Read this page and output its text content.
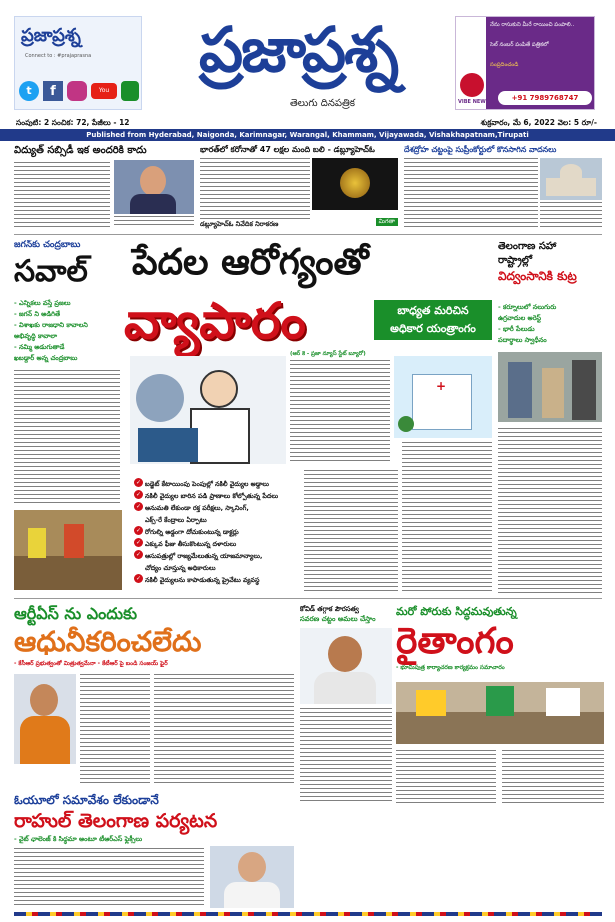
ప్రజాప్రశ్న
Connect to : #prajaprasna
t	f	You
ప్రజాప్రశ్న
తెలుగు దినపత్రిక
నేను రాసుకుని మీరే రాయించి పంపాలి..
సెల్ నంబర్ పంపితే పత్రికలో
సంప్రదించండి
VIBE NEWS	+91 7989768747
సంపుటి: 2 సంచిక: 72, పేజీలు - 12	శుక్రవారం, మే 6, 2022 వెల: 5 రూ/-
Published from Hyderabad, Naigonda, Karimnagar, Warangal, Khammam, Vijayawada, Vishakhapatnam,Tirupati
విద్యుత్ సబ్సిడీ ఇక అందరికి కాదు	భారత్‌లో కరోనాతో 47 లక్షల మంది బలి - డబ్ల్యూహెచ్ఓ
డబ్ల్యూహెచ్ఓ నివేదిక నిరాకరణ	మిగతా
దేశద్రోహ చట్టంపై సుప్రీంకోర్టులో కొనసాగిన వాదనలు
జగన్‌కు చంద్రబాబు
సవాల్
- ఎన్నికలు వస్తే ప్రజలు
- జగన్ ని అడిగితే
- విశాఖకు రాజధాని కావాలని
అభివృద్ధి కావాలా
- నమ్మి అడుగుతాడే
ఖబడ్దార్ అన్న చంద్రబాబు
పేదల ఆరోగ్యంతో
వ్యాపారం	బాధ్యత మరిచిన
అధికార యంత్రాంగం
(ఆర్ కె - ప్రజా న్యూస్ స్టేట్ బ్యూరో)
+
✓ బడ్జెట్ కేటాయింపు పెంపుల్లో నకిలీ వైద్యుల అడ్డాలు
✓ నకిలీ వైద్యుల బారిన పడి ప్రాణాలు కోల్పోతున్న పేదలు
✓ అనుమతి లేకుండా రక్త పరీక్షలు, స్కానింగ్,
ఎక్స్-రే కేంద్రాలు ఏర్పాటు
✓ రోగుల్ని అడ్డంగా దోచుకుంటున్న డాక్టర్లు
✓ ఎక్కువ ఫీజు తీసుకొంటున్న దళారులు
✓ ఆసుపత్రుల్లో రాజ్యమేలుతున్న యాజమాన్యాలు,
చోద్యం చూస్తున్న అధికారులు
✓ నకిలీ వైద్యులను కాపాడుతున్న ప్రైవేటు వ్యవస్థ
తెలంగాణ సహా
రాష్ట్రాల్లో
విద్వంసానికి కుట్ర
- కర్నూలులో నలుగురు
ఉగ్రవాదుల అరెస్ట్
- భారీ పేలుడు
పదార్థాలు స్వాధీనం
ఆర్టీఏస్ ను ఎందుకు
ఆధునీకరించలేదు
- కేసీఆర్ ప్రభుత్వంతో మిత్రుత్వమేనా - కేటీఆర్ పై బండి సంజయ్ ఫైర్
కోవిడ్ తగ్గాక పౌరసత్వ
సవరణ చట్టం అమలు చేస్తాం
మరో పోరుకు సిద్ధమవుతున్న
రైతాంగం
- భూమిపుత్ర కార్యాచరణ కార్యక్రమం సమాచారం
ఓయూలో సమావేశం లేకుండానే
రాహుల్ తెలంగాణ పర్యటన
- వైట్ ఛాలెంజ్ కి సిద్ధమా అంటూ టీఆర్ఎస్ ఫ్లెక్సీలు
